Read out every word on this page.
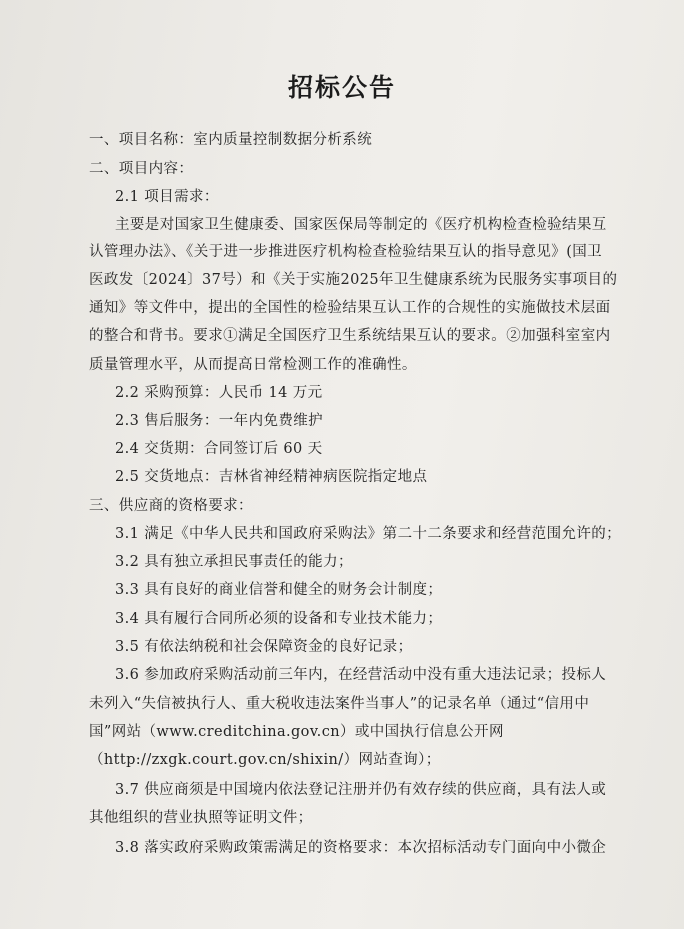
招标公告
一、项目名称：室内质量控制数据分析系统
二、项目内容：
2.1 项目需求：
主要是对国家卫生健康委、国家医保局等制定的《医疗机构检查检验结果互
认管理办法》、《关于进一步推进医疗机构检查检验结果互认的指导意见》(国卫
医政发〔2024〕37号）和《关于实施2025年卫生健康系统为民服务实事项目的
通知》等文件中，提出的全国性的检验结果互认工作的合规性的实施做技术层面
的整合和背书。要求①满足全国医疗卫生系统结果互认的要求。②加强科室室内
质量管理水平，从而提高日常检测工作的准确性。
2.2 采购预算：人民币 14 万元
2.3 售后服务：一年内免费维护
2.4 交货期：合同签订后 60 天
2.5 交货地点：吉林省神经精神病医院指定地点
三、供应商的资格要求：
3.1 满足《中华人民共和国政府采购法》第二十二条要求和经营范围允许的；
3.2 具有独立承担民事责任的能力；
3.3 具有良好的商业信誉和健全的财务会计制度；
3.4 具有履行合同所必须的设备和专业技术能力；
3.5 有依法纳税和社会保障资金的良好记录；
3.6 参加政府采购活动前三年内，在经营活动中没有重大违法记录；投标人
未列入“失信被执行人、重大税收违法案件当事人”的记录名单（通过“信用中
国”网站（www.creditchina.gov.cn）或中国执行信息公开网
（http://zxgk.court.gov.cn/shixin/）网站查询）；
3.7 供应商须是中国境内依法登记注册并仍有效存续的供应商，具有法人或
其他组织的营业执照等证明文件；
3.8 落实政府采购政策需满足的资格要求：本次招标活动专门面向中小微企
